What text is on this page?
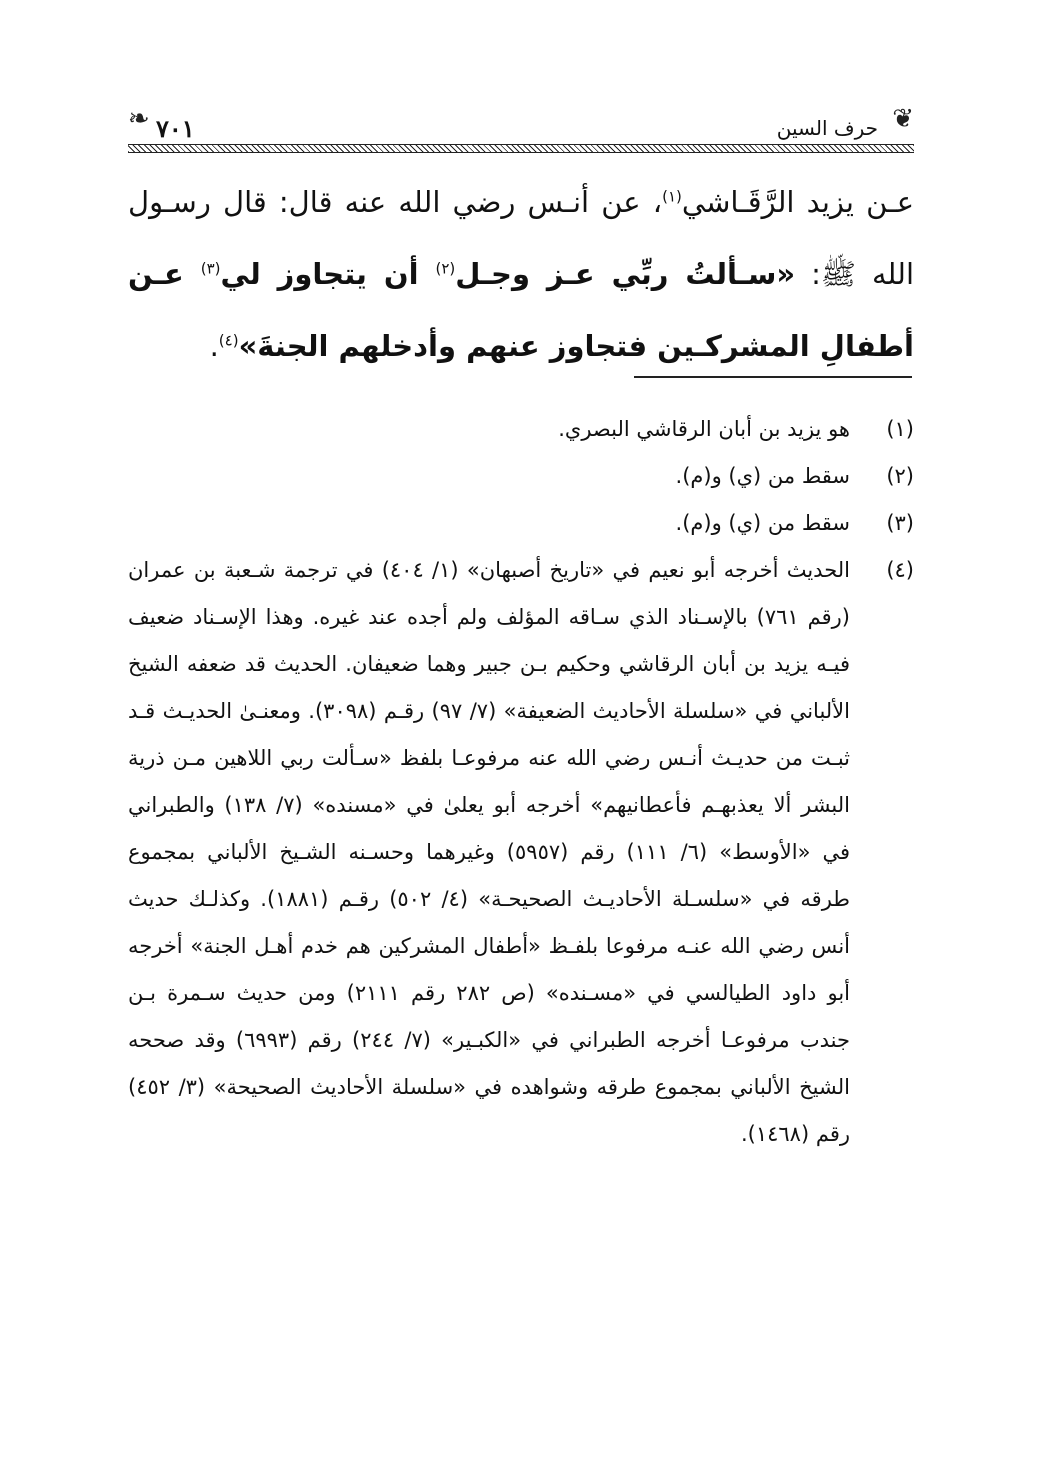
❧ ٧٠١	حرف السين ❦
عـن يزيد الرَّقَـاشي$^{(١)}$، عن أنـس رضي الله عنه قال: قال رسـول الله ﷺ: «سـألتُ ربِّي عـز وجـل$^{(٢)}$ أن يتجاوز لي$^{(٣)}$ عـن أطفالِ المشركـين فتجاوز عنهم وأدخلهم الجنةَ»$^{(٤)}$.
(١)
هو يزيد بن أبان الرقاشي البصري.
(٢)
سقط من (ي) و(م).
(٣)
سقط من (ي) و(م).
(٤)
الحديث أخرجه أبو نعيم في «تاريخ أصبهان» (١/ ٤٠٤) في ترجمة شـعبة بن عمران (رقم ٧٦١) بالإسـناد الذي سـاقه المؤلف ولم أجده عند غيره. وهذا الإسـناد ضعيف فيـه يزيد بن أبان الرقاشي وحكيم بـن جبير وهما ضعيفان. الحديث قد ضعفه الشيخ الألباني في «سلسلة الأحاديث الضعيفة» (٧/ ٩٧) رقـم (٣٠٩٨). ومعنـىٰ الحديـث قـد ثبـت من حديـث أنـس رضي الله عنه مرفوعـا بلفظ «سـألت ربي اللاهين مـن ذرية البشر ألا يعذبهـم فأعطانيهم» أخرجه أبو يعلىٰ في «مسنده» (٧/ ١٣٨) والطبراني في «الأوسط» (٦/ ١١١) رقم (٥٩٥٧) وغيرهما وحسـنه الشـيخ الألباني بمجموع طرقه في «سلسـلة الأحاديـث الصحيحـة» (٤/ ٥٠٢) رقـم (١٨٨١). وكذلـك حديث أنس رضي الله عنـه مرفوعا بلفـظ «أطفال المشركين هم خدم أهـل الجنة» أخرجه أبو داود الطيالسي في «مسـنده» (ص ٢٨٢ رقم ٢١١١) ومن حديث سـمرة بـن جندب مرفوعـا أخرجه الطبراني في «الكبـير» (٧/ ٢٤٤) رقم (٦٩٩٣) وقد صححه الشيخ الألباني بمجموع طرقه وشواهده في «سلسلة الأحاديث الصحيحة» (٣/ ٤٥٢) رقم (١٤٦٨).
